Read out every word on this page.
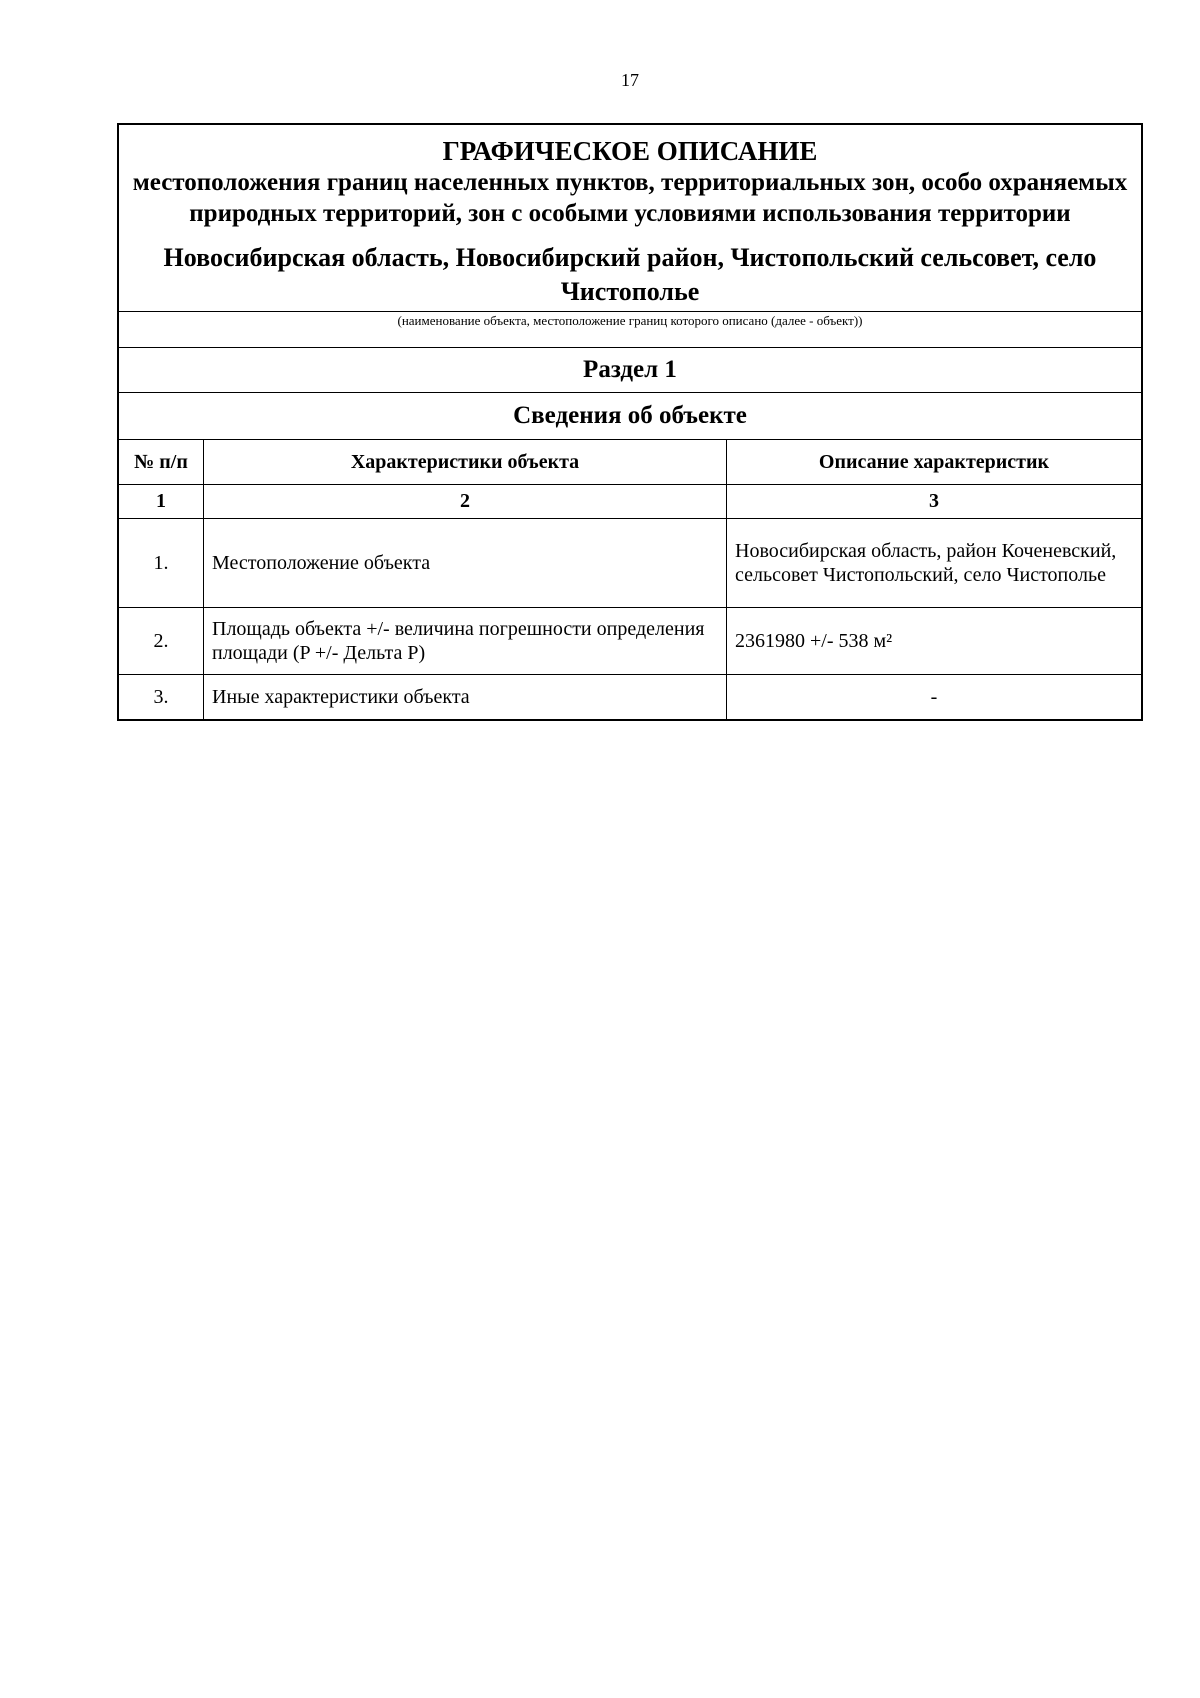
17
ГРАФИЧЕСКОЕ ОПИСАНИЕ
местоположения границ населенных пунктов, территориальных зон, особо охраняемых природных территорий, зон с особыми условиями использования территории
Новосибирская область, Новосибирский район, Чистопольский сельсовет, село Чистополье
(наименование объекта, местоположение границ которого описано (далее - объект))
Раздел 1
Сведения об объекте
№ п/п	Характеристики объекта	Описание характеристик
1	2	3
1.	Местоположение объекта	Новосибирская область, район Коченевский, сельсовет Чистопольский, село Чистополье
2.	Площадь объекта +/- величина погрешности определения площади (P +/- Дельта P)	2361980 +/- 538 м²
3.	Иные характеристики объекта	-
